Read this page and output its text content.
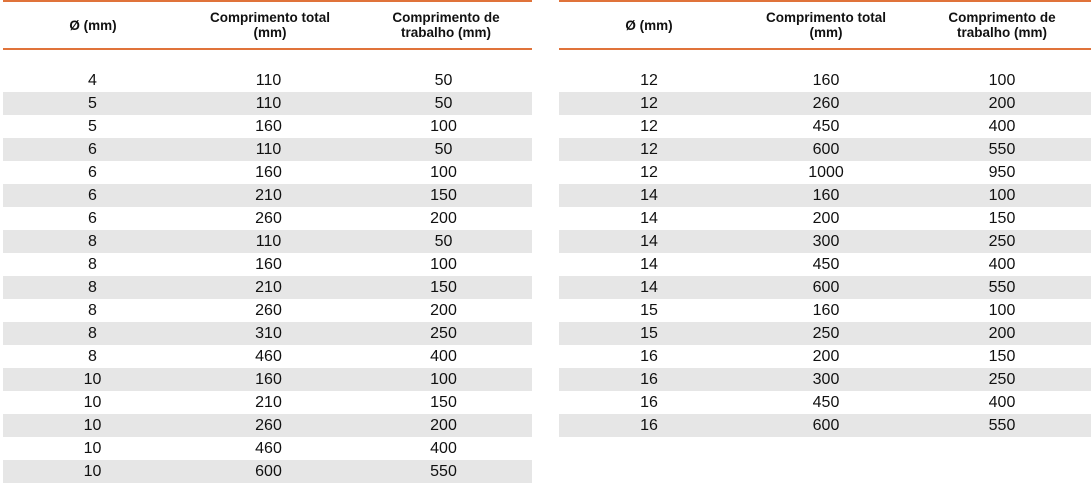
Ø (mm)	Comprimento total
(mm)
Comprimento de
trabalho (mm)
4	110	50
5	110	50
5	160	100
6	110	50
6	160	100
6	210	150
6	260	200
8	110	50
8	160	100
8	210	150
8	260	200
8	310	250
8	460	400
10	160	100
10	210	150
10	260	200
10	460	400
10	600	550
Ø (mm)	Comprimento total
(mm)
Comprimento de
trabalho (mm)
12	160	100
12	260	200
12	450	400
12	600	550
12	1000	950
14	160	100
14	200	150
14	300	250
14	450	400
14	600	550
15	160	100
15	250	200
16	200	150
16	300	250
16	450	400
16	600	550
